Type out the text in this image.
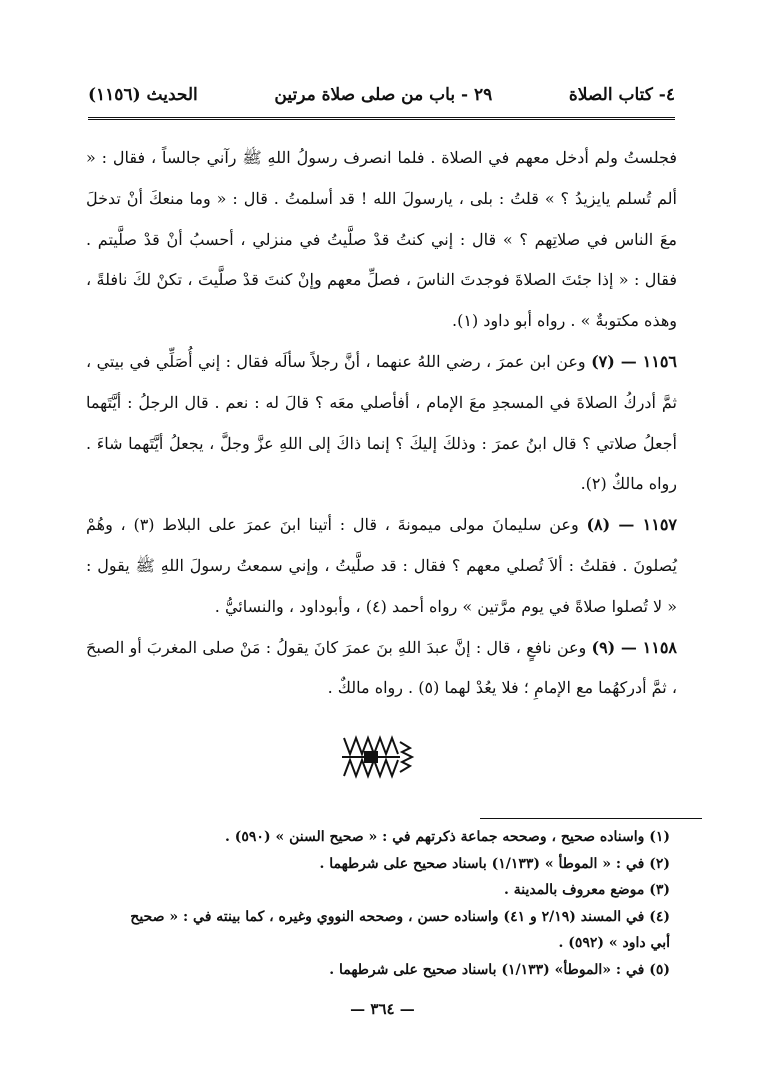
٤- كتاب الصلاة
٢٩ - باب من صلى صلاة مرتين
الحديث (١١٥٦)

فجلستُ ولم أدخل معهم في الصلاة . فلما انصرف رسولُ اللهِ ﷺ رآني جالساً ، فقال : « ألم تُسلم يايزيدُ ؟ » قلتُ : بلى ، يارسولَ الله ! قد أسلمتُ . قال : « وما منعكَ أنْ تدخلَ معَ الناس في صلاتِهم ؟ » قال : إني كنتُ قدْ صلَّيتُ في منزلي ، أحسبُ أنْ قدْ صلَّيتم . فقال : « إذا جئتَ الصلاةَ فوجدتَ الناسَ ، فصلِّ معهم وإنْ كنتَ قدْ صلَّيتَ ، تكنْ لكَ نافلةً ، وهذه مكتوبةٌ » . رواه أبو داود (١).

١١٥٦ — (٧) وعن ابن عمرَ ، رضي اللهُ عنهما ، أنَّ رجلاً سألَه فقال : إني أُصَلِّي في بيتي ، ثمَّ أدركُ الصلاةَ في المسجدِ معَ الإمام ، أفأصلي معَه ؟ قالَ له : نعم . قال الرجلُ : أيَّتَهما أجعلُ صلاتي ؟ قال ابنُ عمرَ : وذلكَ إليكَ ؟ إنما ذاكَ إلى اللهِ عزَّ وجلَّ ، يجعلُ أيَّتَهما شاءَ . رواه مالكٌ (٢).

١١٥٧ — (٨) وعن سليمانَ مولى ميمونةَ ، قال : أتينا ابنَ عمرَ على البلاط (٣) ، وهُمْ يُصلونَ . فقلتُ : ألاَ تُصلي معهم ؟ فقال : قد صلَّيتُ ، وإني سمعتُ رسولَ اللهِ ﷺ يقول : « لا تُصلوا صلاةً في يوم مرَّتين » رواه أحمد (٤) ، وأبوداود ، والنسائيُّ .

١١٥٨ — (٩) وعن نافعٍ ، قال : إنَّ عبدَ اللهِ بنَ عمرَ كانَ يقولُ : مَنْ صلى المغربَ أو الصبحَ ، ثمَّ أدركهُما مع الإمامِ ؛ فلا يعُدْ لهما (٥) . رواه مالكٌ .

(١) واسناده صحيح ، وصححه جماعة ذكرتهم في : « صحيح السنن » (٥٩٠) .

(٢) في : « الموطأ » (١/١٣٣) باسناد صحيح على شرطهما .

(٣) موضع معروف بالمدينة .

(٤) في المسند (٢/١٩ و ٤١) واسناده حسن ، وصححه النووي وغيره ، كما بينته في : « صحيح أبي داود » (٥٩٢) .

(٥) في : «الموطأ» (١/١٣٣) باسناد صحيح على شرطهما .

— ٣٦٤ —
